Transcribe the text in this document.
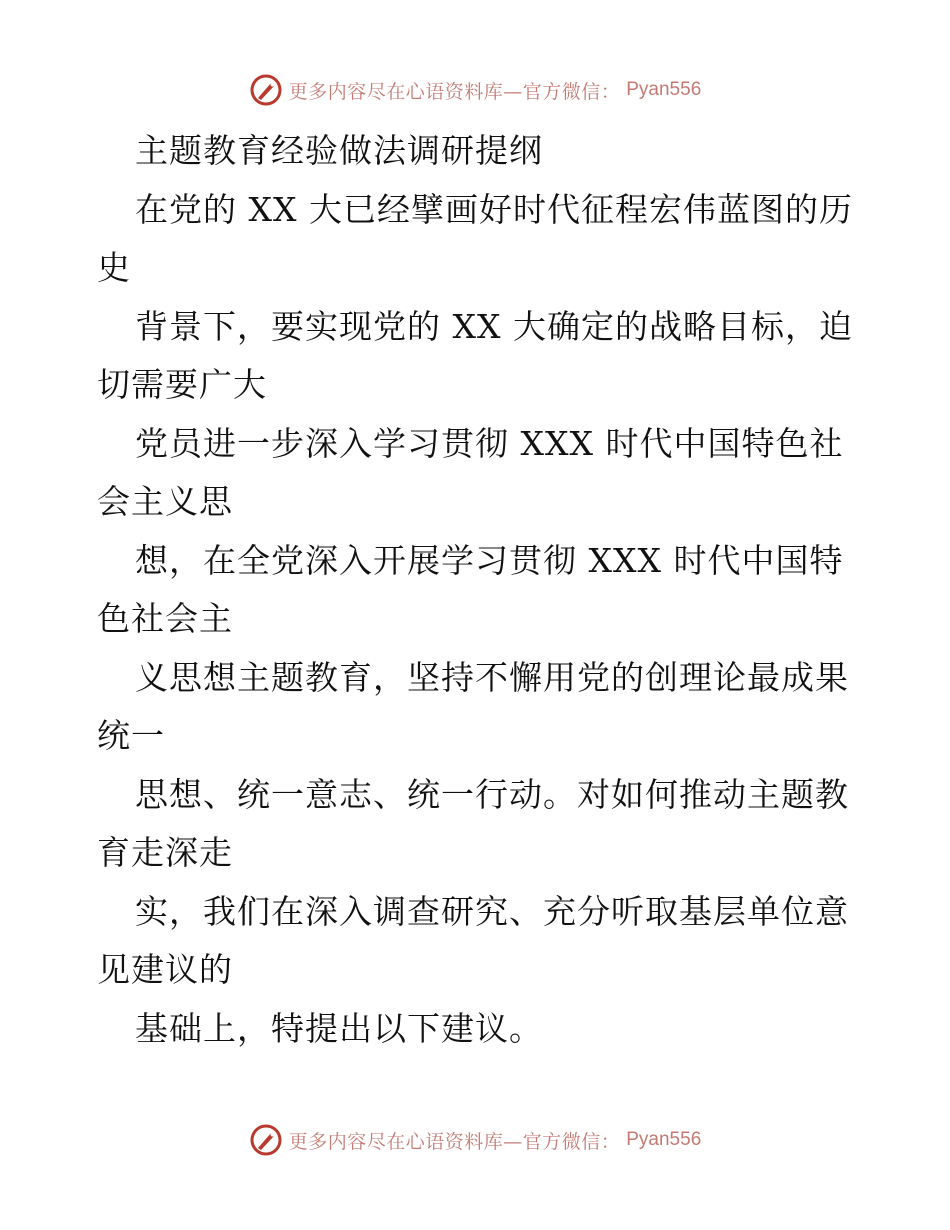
更多内容尽在心语资料库—官方微信： Pyan556
主题教育经验做法调研提纲
在党的 XX 大已经擘画好时代征程宏伟蓝图的历
史
背景下，要实现党的 XX 大确定的战略目标，迫
切需要广大
党员进一步深入学习贯彻 XXX 时代中国特色社
会主义思
想，在全党深入开展学习贯彻 XXX 时代中国特
色社会主
义思想主题教育，坚持不懈用党的创理论最成果
统一
思想、统一意志、统一行动。对如何推动主题教
育走深走
实，我们在深入调查研究、充分听取基层单位意
见建议的
基础上，特提出以下建议。
更多内容尽在心语资料库—官方微信： Pyan556
